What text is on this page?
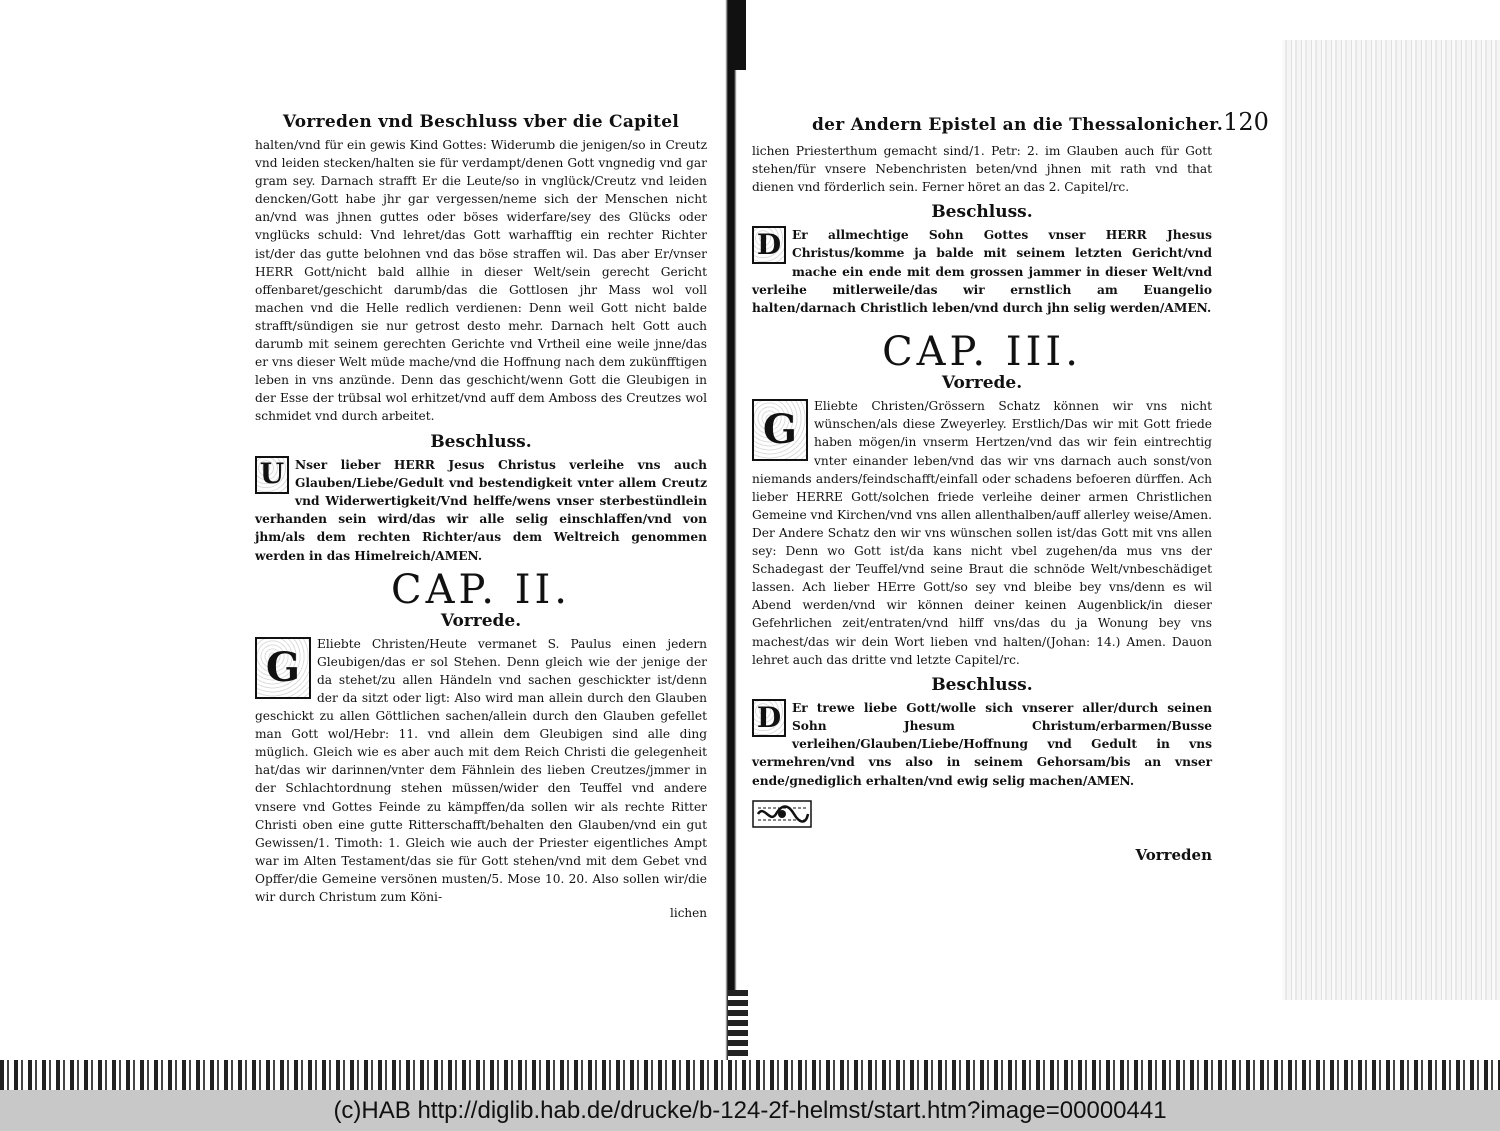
Vorreden vnd Beschluss vber die Capitel

halten/vnd für ein gewis Kind Gottes: Widerumb die jenigen/so in Creutz vnd leiden stecken/halten sie für verdampt/denen Gott vngnedig vnd gar gram sey. Darnach strafft Er die Leute/so in vnglück/Creutz vnd leiden dencken/Gott habe jhr gar vergessen/neme sich der Menschen nicht an/vnd was jhnen guttes oder böses widerfare/sey des Glücks oder vnglücks schuld: Vnd lehret/das Gott warhafftig ein rechter Richter ist/der das gutte belohnen vnd das böse straffen wil. Das aber Er/vnser HERR Gott/nicht bald allhie in dieser Welt/sein gerecht Gericht offenbaret/geschicht darumb/das die Gottlosen jhr Mass wol voll machen vnd die Helle redlich verdienen: Denn weil Gott nicht balde strafft/sündigen sie nur getrost desto mehr. Darnach helt Gott auch darumb mit seinem gerechten Gerichte vnd Vrtheil eine weile jnne/das er vns dieser Welt müde mache/vnd die Hoffnung nach dem zukünfftigen leben in vns anzünde. Denn das geschicht/wenn Gott die Gleubigen in der Esse der trübsal wol erhitzet/vnd auff dem Amboss des Creutzes wol schmidet vnd durch arbeitet.

Beschluss.

U Nser lieber HERR Jesus Christus verleihe vns auch Glauben/Liebe/Gedult vnd bestendigkeit vnter allem Creutz vnd Widerwertigkeit/Vnd helffe/wens vnser sterbestündlein verhanden sein wird/das wir alle selig einschlaffen/vnd von jhm/als dem rechten Richter/aus dem Weltreich genommen werden in das Himelreich/AMEN.

CAP. II.
Vorrede.

G	Eliebte Christen/Heute vermanet S. Paulus einen jedern Gleubigen/das er sol Stehen. Denn gleich wie der jenige der da stehet/zu allen Händeln vnd sachen geschickter ist/denn der da sitzt oder ligt: Also wird man allein durch den Glauben geschickt zu allen Göttlichen sachen/allein durch den Glauben gefellet man Gott wol/Hebr: 11. vnd allein dem Gleubigen sind alle ding müglich. Gleich wie es aber auch mit dem Reich Christi die gelegenheit hat/das wir darinnen/vnter dem Fähnlein des lieben Creutzes/jmmer in der Schlachtordnung stehen müssen/wider den Teuffel vnd andere vnsere vnd Gottes Feinde zu kämpffen/da sollen wir als rechte Ritter Christi oben eine gutte Ritterschafft/behalten den Glauben/vnd ein gut Gewissen/1. Timoth: 1. Gleich wie auch der Priester eigentliches Ampt war im Alten Testament/das sie für Gott stehen/vnd mit dem Gebet vnd Opffer/die Gemeine versönen musten/5. Mose 10. 20. Also sollen wir/die wir durch Christum zum Köni-

lichen

der Andern Epistel an die Thessalonicher. 120

lichen Priesterthum gemacht sind/1. Petr: 2. im Glauben auch für Gott stehen/für vnsere Nebenchristen beten/vnd jhnen mit rath vnd that dienen vnd förderlich sein. Ferner höret an das 2. Capitel/rc.

Beschluss.

D Er allmechtige Sohn Gottes vnser HERR Jhesus Christus/komme ja balde mit seinem letzten Gericht/vnd mache ein ende mit dem grossen jammer in dieser Welt/vnd verleihe mitlerweile/das wir ernstlich am Euangelio halten/darnach Christlich leben/vnd durch jhn selig werden/AMEN.

CAP. III.
Vorrede.

G	Eliebte Christen/Grössern Schatz können wir vns nicht wünschen/als diese Zweyerley. Erstlich/Das wir mit Gott friede haben mögen/in vnserm Hertzen/vnd das wir fein eintrechtig vnter einander leben/vnd das wir vns darnach auch sonst/von niemands anders/feindschafft/einfall oder schadens befoeren dürffen. Ach lieber HERRE Gott/solchen friede verleihe deiner armen Christlichen Gemeine vnd Kirchen/vnd vns allen allenthalben/auff allerley weise/Amen. Der Andere Schatz den wir vns wünschen sollen ist/das Gott mit vns allen sey: Denn wo Gott ist/da kans nicht vbel zugehen/da mus vns der Schadegast der Teuffel/vnd seine Braut die schnöde Welt/vnbeschädiget lassen. Ach lieber HErre Gott/so sey vnd bleibe bey vns/denn es wil Abend werden/vnd wir können deiner keinen Augenblick/in dieser Gefehrlichen zeit/entraten/vnd hilff vns/das du ja Wonung bey vns machest/das wir dein Wort lieben vnd halten/(Johan: 14.) Amen. Dauon lehret auch das dritte vnd letzte Capitel/rc.

Beschluss.

D Er trewe liebe Gott/wolle sich vnserer aller/durch seinen Sohn Jhesum Christum/erbarmen/Busse verleihen/Glauben/Liebe/Hoffnung vnd Gedult in vns vermehren/vnd vns also in seinem Gehorsam/bis an vnser ende/gnediglich erhalten/vnd ewig selig machen/AMEN.

Vorreden
(c)HAB http://diglib.hab.de/drucke/b-124-2f-helmst/start.htm?image=00000441
